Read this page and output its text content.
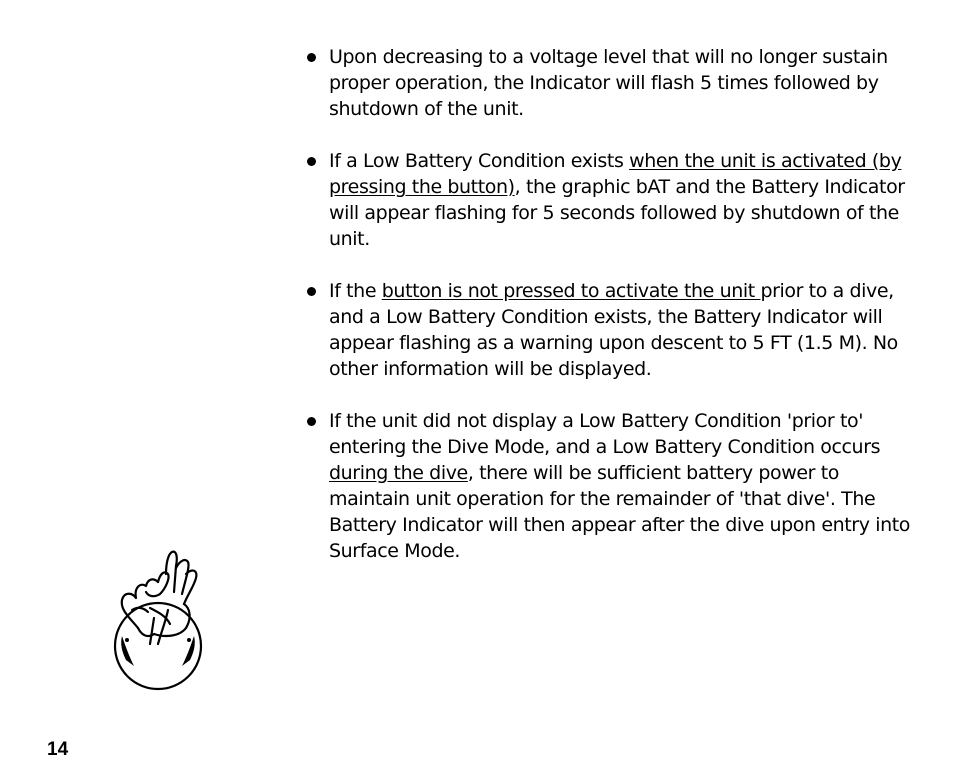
Upon decreasing to a voltage level that will no longer sustain proper operation, the Indicator will flash 5 times followed by shutdown of the unit.
If a Low Battery Condition exists when the unit is activated (by pressing the button), the graphic bAT and the Battery Indicator will appear flashing for 5 seconds followed by shutdown of the unit.
If the button is not pressed to activate the unit prior to a dive, and a Low Battery Condition exists, the Battery Indicator will appear flashing as a warning upon descent to 5 FT (1.5 M). No other information will be displayed.
If the unit did not display a Low Battery Condition 'prior to' entering the Dive Mode, and a Low Battery Condition occurs during the dive, there will be sufficient battery power to maintain unit operation for the remainder of 'that dive'. The Battery Indicator will then appear after the dive upon entry into Surface Mode.
14
